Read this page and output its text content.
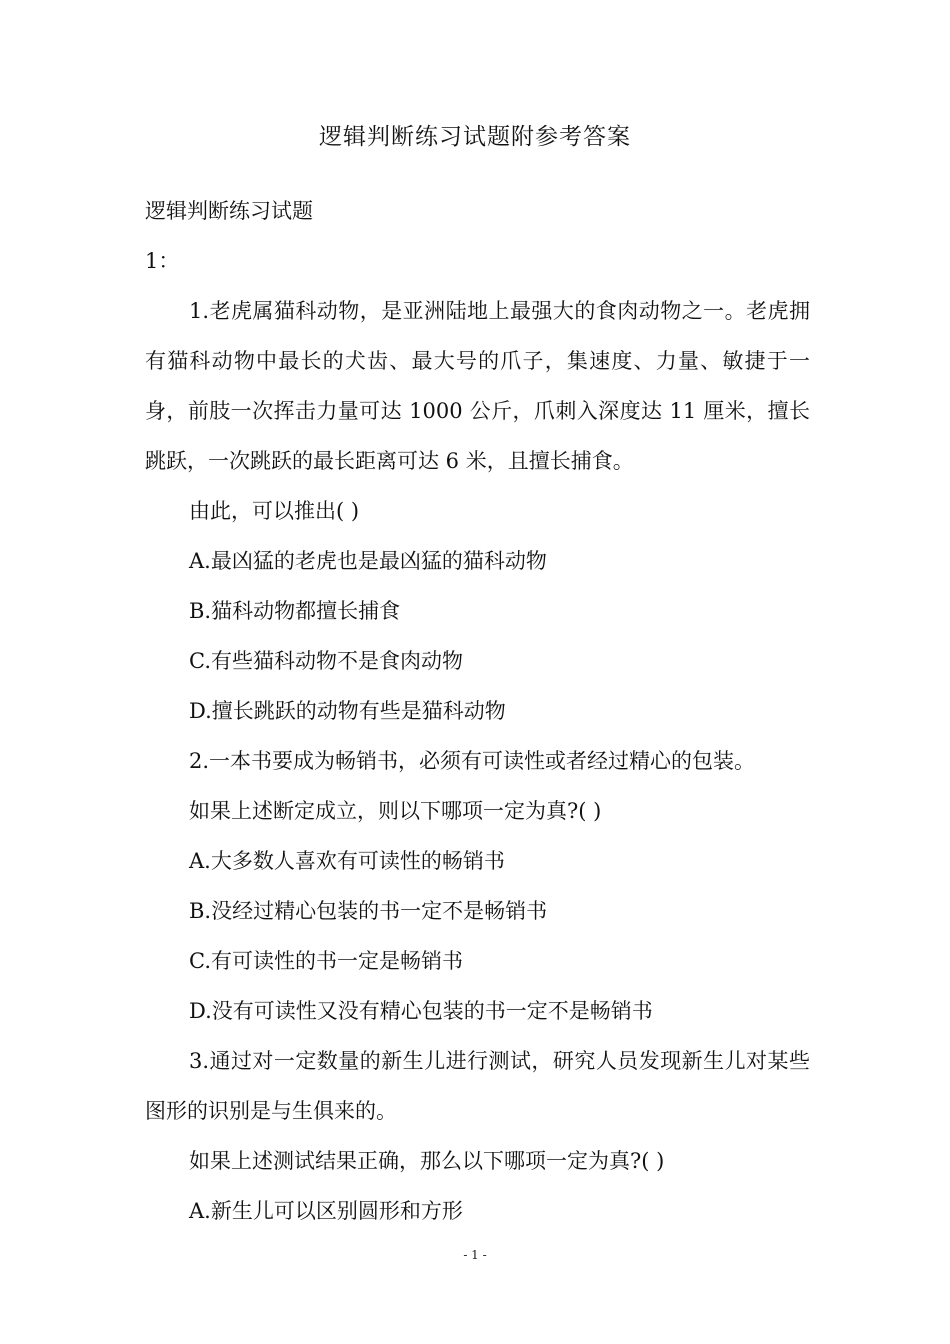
逻辑判断练习试题附参考答案

逻辑判断练习试题

1：

1.老虎属猫科动物，是亚洲陆地上最强大的食肉动物之一。老虎拥有猫科动物中最长的犬齿、最大号的爪子，集速度、力量、敏捷于一身，前肢一次挥击力量可达 1000 公斤，爪刺入深度达 11 厘米，擅长跳跃，一次跳跃的最长距离可达 6 米，且擅长捕食。

由此，可以推出( )

A.最凶猛的老虎也是最凶猛的猫科动物

B.猫科动物都擅长捕食

C.有些猫科动物不是食肉动物

D.擅长跳跃的动物有些是猫科动物

2.一本书要成为畅销书，必须有可读性或者经过精心的包装。

如果上述断定成立，则以下哪项一定为真?( )

A.大多数人喜欢有可读性的畅销书

B.没经过精心包装的书一定不是畅销书

C.有可读性的书一定是畅销书

D.没有可读性又没有精心包装的书一定不是畅销书

3.通过对一定数量的新生儿进行测试，研究人员发现新生儿对某些图形的识别是与生俱来的。

如果上述测试结果正确，那么以下哪项一定为真?( )

A.新生儿可以区别圆形和方形

- 1 -
